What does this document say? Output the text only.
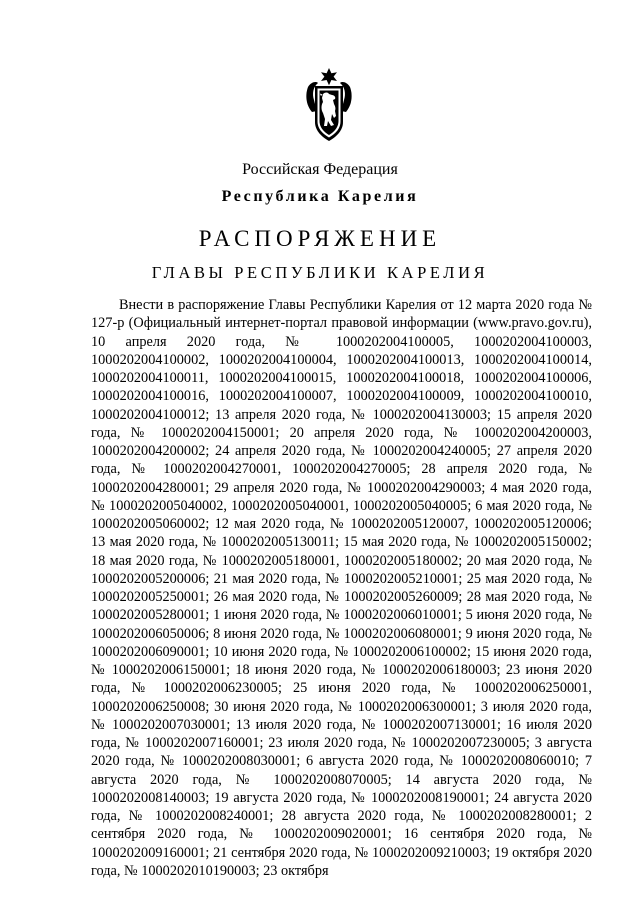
Российская Федерация
Республика Карелия
РАСПОРЯЖЕНИЕ
ГЛАВЫ РЕСПУБЛИКИ КАРЕЛИЯ

Внести в распоряжение Главы Республики Карелия от 12 марта 2020 года № 127-р (Официальный интернет-портал правовой информации (www.pravo.gov.ru), 10 апреля 2020 года, № 1000202004100005, 1000202004100003, 1000202004100002, 1000202004100004, 1000202004100013, 1000202004100014, 1000202004100011, 1000202004100015, 1000202004100018, 1000202004100006, 1000202004100016, 1000202004100007, 1000202004100009, 1000202004100010, 1000202004100012; 13 апреля 2020 года, № 1000202004130003; 15 апреля 2020 года, № 1000202004150001; 20 апреля 2020 года, № 1000202004200003, 1000202004200002; 24 апреля 2020 года, № 1000202004240005; 27 апреля 2020 года, № 1000202004270001, 1000202004270005; 28 апреля 2020 года, № 1000202004280001; 29 апреля 2020 года, № 1000202004290003; 4 мая 2020 года, № 1000202005040002, 1000202005040001, 1000202005040005; 6 мая 2020 года, № 1000202005060002; 12 мая 2020 года, № 1000202005120007, 1000202005120006; 13 мая 2020 года, № 1000202005130011; 15 мая 2020 года, № 1000202005150002; 18 мая 2020 года, № 1000202005180001, 1000202005180002; 20 мая 2020 года, № 1000202005200006; 21 мая 2020 года, № 1000202005210001; 25 мая 2020 года, № 1000202005250001; 26 мая 2020 года, № 1000202005260009; 28 мая 2020 года, № 1000202005280001; 1 июня 2020 года, № 1000202006010001; 5 июня 2020 года, № 1000202006050006; 8 июня 2020 года, № 1000202006080001; 9 июня 2020 года, № 1000202006090001; 10 июня 2020 года, № 1000202006100002; 15 июня 2020 года, № 1000202006150001; 18 июня 2020 года, № 1000202006180003; 23 июня 2020 года, № 1000202006230005; 25 июня 2020 года, № 1000202006250001, 1000202006250008; 30 июня 2020 года, № 1000202006300001; 3 июля 2020 года, № 1000202007030001; 13 июля 2020 года, № 1000202007130001; 16 июля 2020 года, № 1000202007160001; 23 июля 2020 года, № 1000202007230005; 3 августа 2020 года, № 1000202008030001; 6 августа 2020 года, № 1000202008060010; 7 августа 2020 года, № 1000202008070005; 14 августа 2020 года, № 1000202008140003; 19 августа 2020 года, № 1000202008190001; 24 августа 2020 года, № 1000202008240001; 28 августа 2020 года, № 1000202008280001; 2 сентября 2020 года, № 1000202009020001; 16 сентября 2020 года, № 1000202009160001; 21 сентября 2020 года, № 1000202009210003; 19 октября 2020 года, № 1000202010190003; 23 октября
